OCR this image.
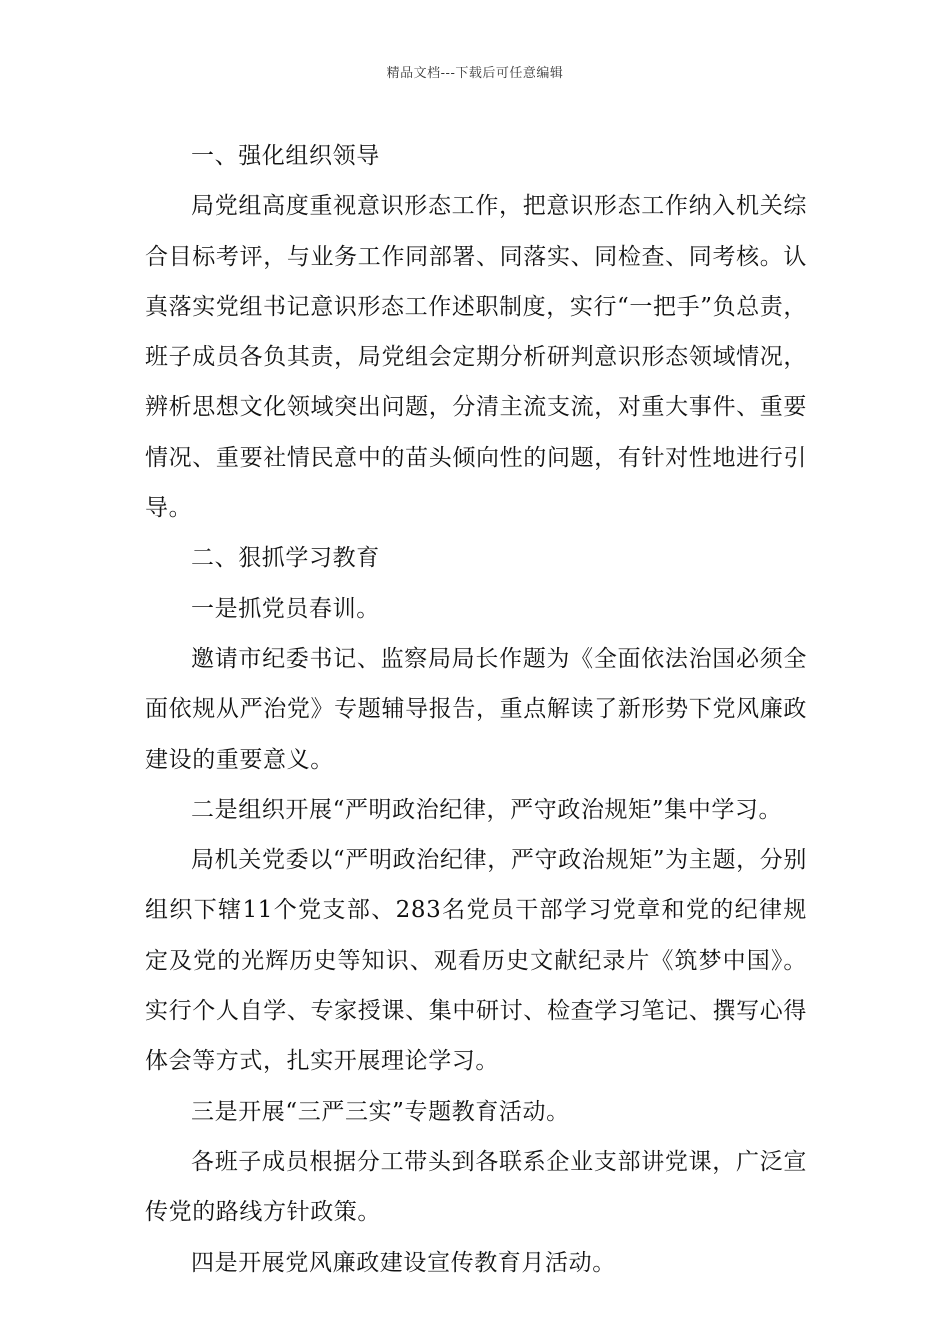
精品文档---下载后可任意编辑

一、强化组织领导

局党组高度重视意识形态工作，把意识形态工作纳入机关综合目标考评，与业务工作同部署、同落实、同检查、同考核。认真落实党组书记意识形态工作述职制度，实行“一把手”负总责，班子成员各负其责，局党组会定期分析研判意识形态领域情况，辨析思想文化领域突出问题，分清主流支流，对重大事件、重要情况、重要社情民意中的苗头倾向性的问题，有针对性地进行引导。

二、狠抓学习教育

一是抓党员春训。

邀请市纪委书记、监察局局长作题为《全面依法治国必须全面依规从严治党》专题辅导报告，重点解读了新形势下党风廉政建设的重要意义。

二是组织开展“严明政治纪律，严守政治规矩”集中学习。

局机关党委以“严明政治纪律，严守政治规矩”为主题，分别组织下辖11个党支部、283名党员干部学习党章和党的纪律规定及党的光辉历史等知识、观看历史文献纪录片《筑梦中国》。实行个人自学、专家授课、集中研讨、检查学习笔记、撰写心得体会等方式，扎实开展理论学习。

三是开展“三严三实”专题教育活动。

各班子成员根据分工带头到各联系企业支部讲党课，广泛宣传党的路线方针政策。

四是开展党风廉政建设宣传教育月活动。
